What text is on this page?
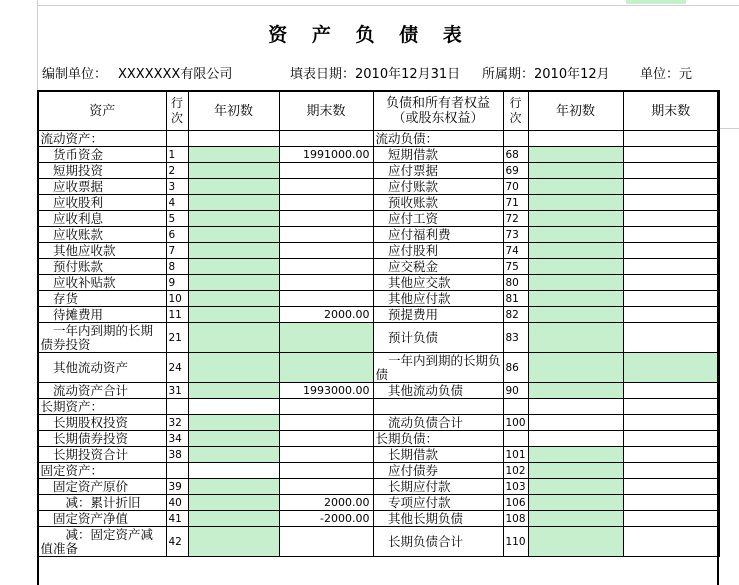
资 产 负 债 表
编制单位： XXXXXXX有限公司	填表日期：2010年12月31日 所属期：2010年12月 单位：元
资产	行次	年初数	期末数	负债和所有者权益（或股东权益）	行次	年初数	期末数
流动资产：				流动负债：			
　货币资金	1		1991000.00	　短期借款	68		
　短期投资	2			　应付票据	69		
　应收票据	3			　应付账款	70		
　应收股利	4			　预收账款	71		
　应收利息	5			　应付工资	72		
　应收账款	6			　应付福利费	73		
　其他应收款	7			　应付股利	74		
　预付账款	8			　应交税金	75		
　应收补贴款	9			　其他应交款	80		
　存货	10			　其他应付款	81		
　待摊费用	11		2000.00	　预提费用	82		
　一年内到期的长期债券投资	21			　预计负债	83		
　其他流动资产	24			　一年内到期的长期负债	86		
　流动资产合计	31		1993000.00	　其他流动负债	90		
长期资产：							
　长期股权投资	32			　流动负债合计	100		
　长期债券投资	34			长期负债：			
　长期投资合计	38			　长期借款	101		
固定资产：				　应付债券	102		
　固定资产原价	39			　长期应付款	103		
　　减：累计折旧	40		2000.00	　专项应付款	106		
　固定资产净值	41		-2000.00	　其他长期负债	108		
　　减：固定资产减值准备	42			　长期负债合计	110		
